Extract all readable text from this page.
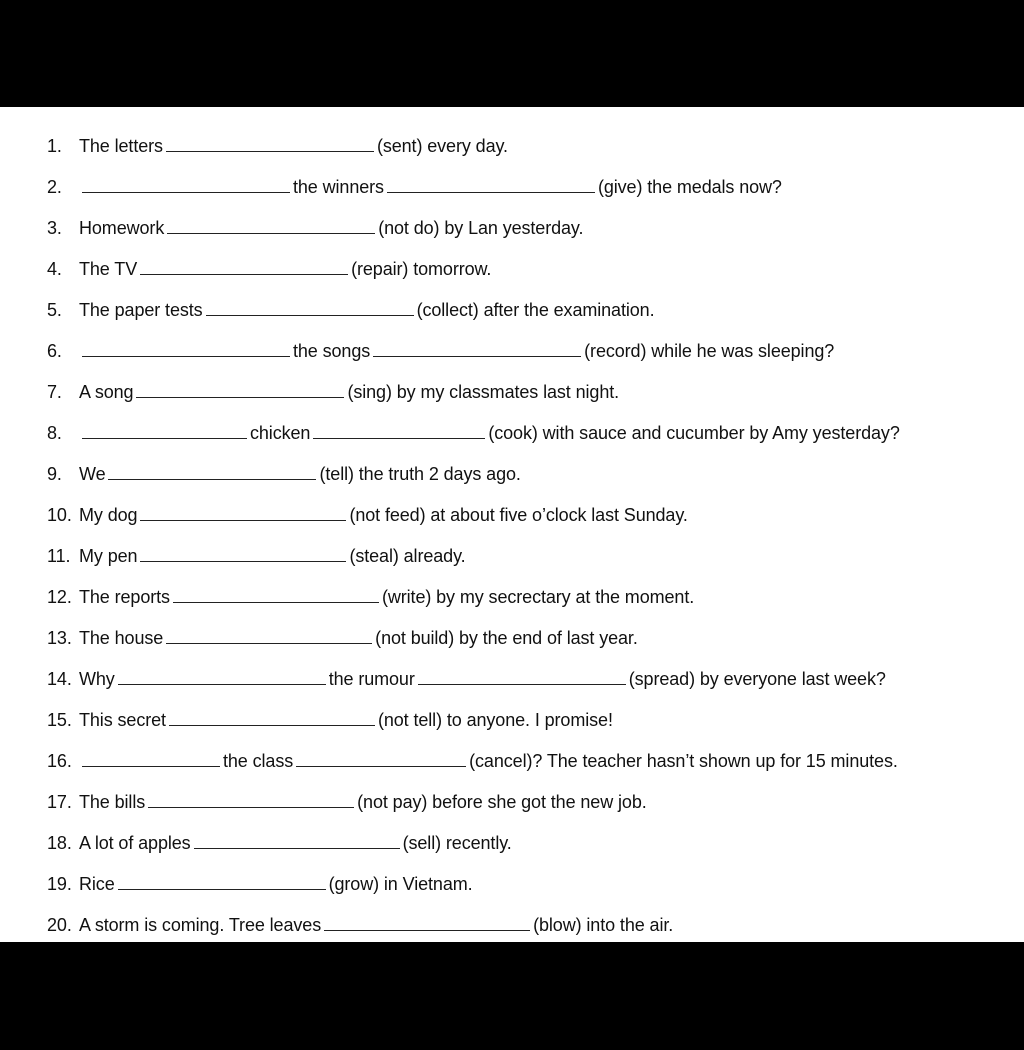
1. The letters	(sent) every day.
2.	the winners	(give) the medals now?
3. Homework	(not do) by Lan yesterday.
4. The TV	(repair) tomorrow.
5. The paper tests	(collect) after the examination.
6.	the songs	(record) while he was sleeping?
7. A song	(sing) by my classmates last night.
8.	chicken	(cook) with sauce and cucumber by Amy yesterday?
9. We	(tell) the truth 2 days ago.
10. My dog	(not feed) at about five o’clock last Sunday.
11. My pen	(steal) already.
12. The reports	(write) by my secrectary at the moment.
13. The house	(not build) by the end of last year.
14. Why	the rumour	(spread) by everyone last week?
15. This secret	(not tell) to anyone. I promise!
16.	the class	(cancel)? The teacher hasn’t shown up for 15 minutes.
17. The bills	(not pay) before she got the new job.
18. A lot of apples	(sell) recently.
19. Rice	(grow) in Vietnam.
20. A storm is coming. Tree leaves	(blow) into the air.
